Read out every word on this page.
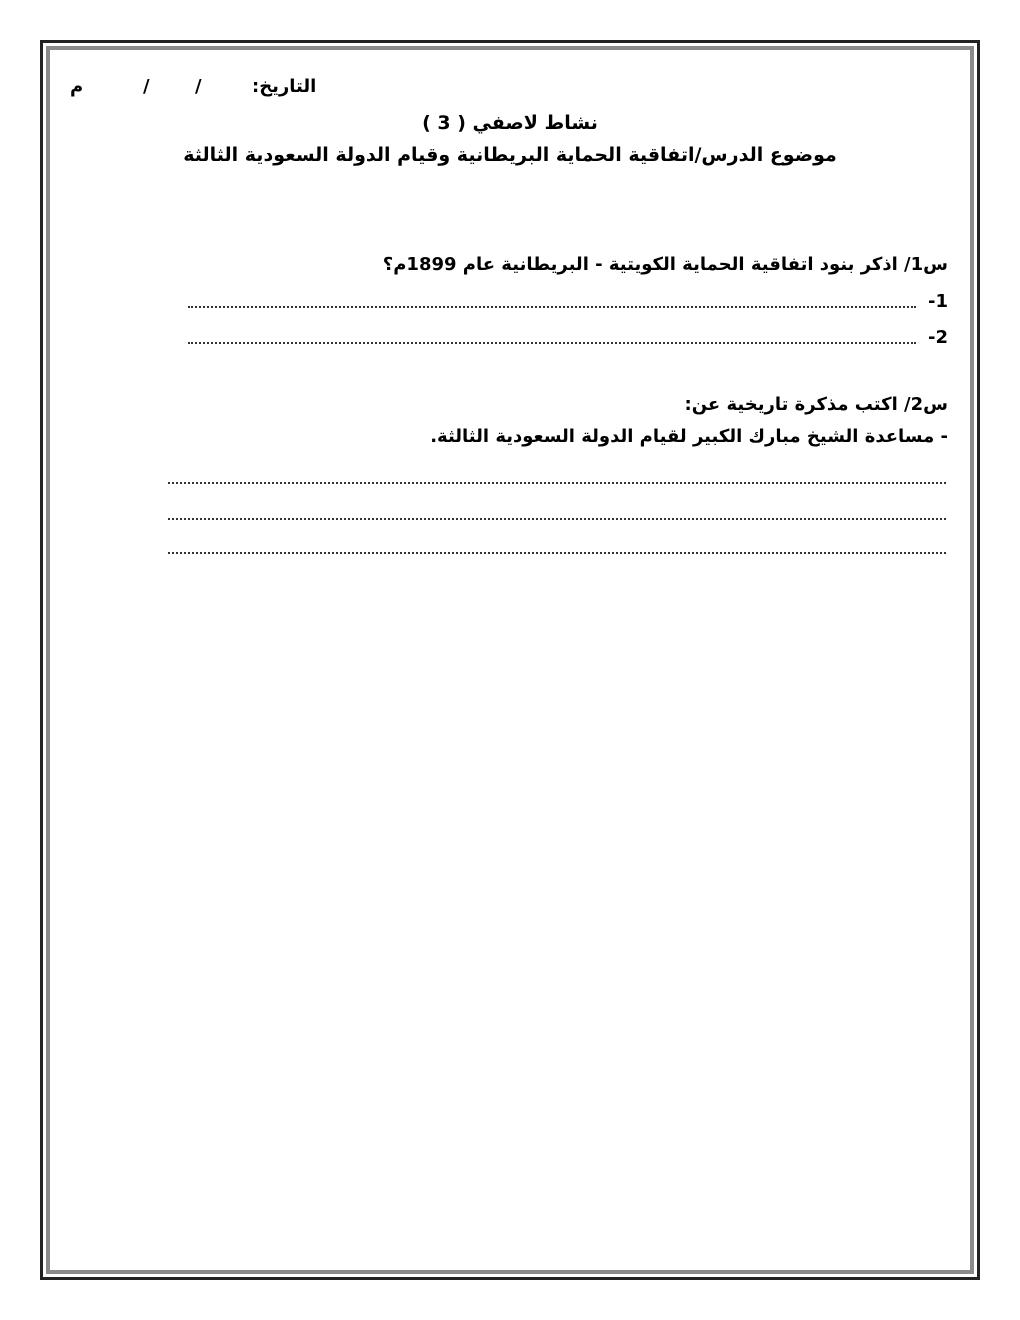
التاريخ:
/
/
م
نشاط لاصفي ( 3 )
موضوع الدرس/اتفاقية الحماية البريطانية وقيام الدولة السعودية الثالثة
س1/ اذكر بنود اتفاقية الحماية الكويتية - البريطانية عام 1899م؟
-1
-2
س2/ اكتب مذكرة تاريخية عن:
- مساعدة الشيخ مبارك الكبير لقيام الدولة السعودية الثالثة.
